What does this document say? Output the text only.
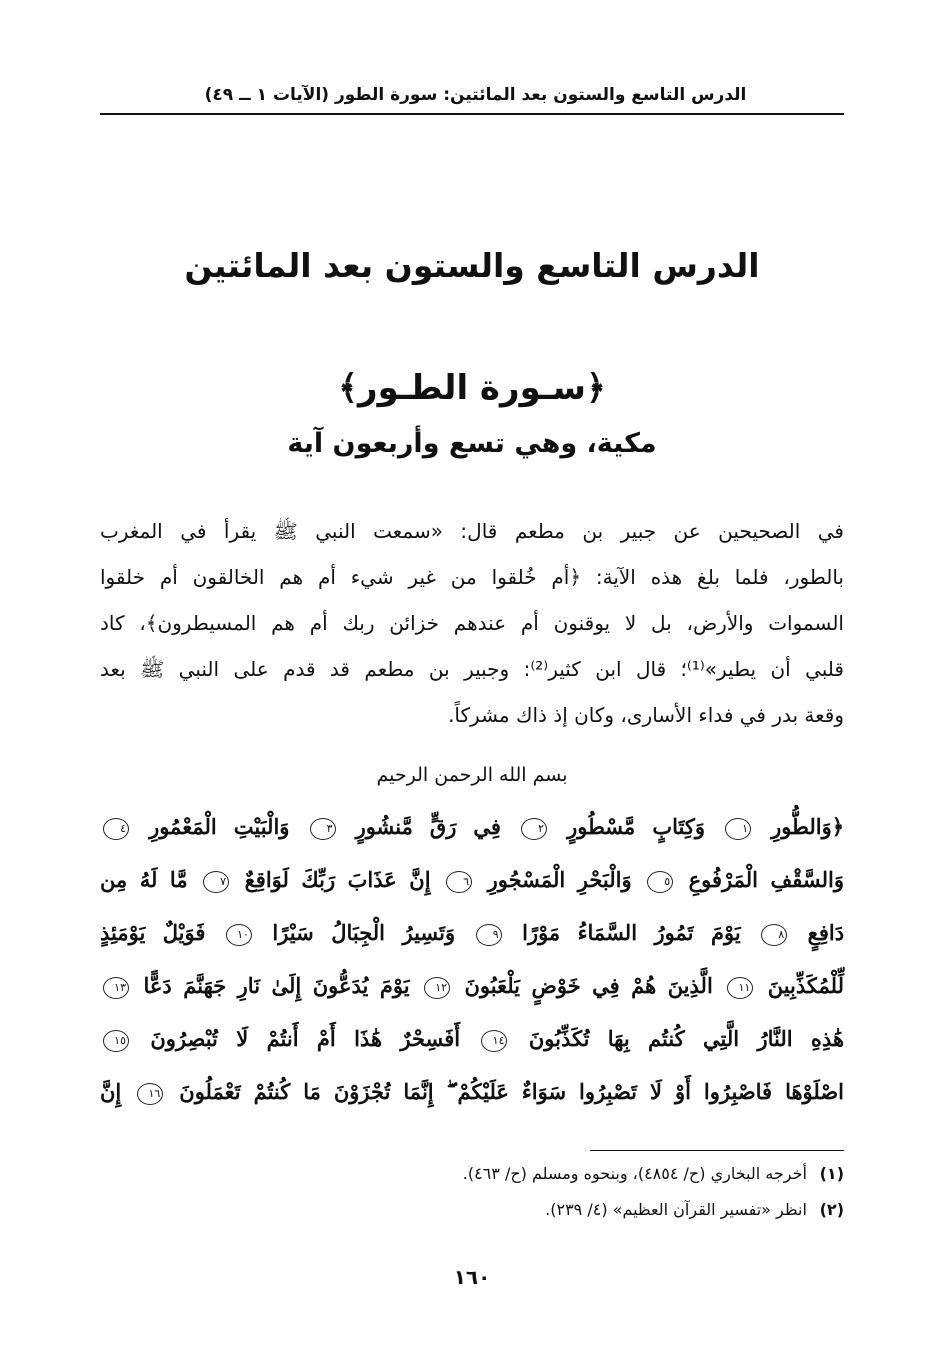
الدرس التاسع والستون بعد المائتين: سورة الطور (الآيات ١ ــ ٤٩)
الدرس التاسع والستون بعد المائتين
﴿سـورة الطـور﴾
مكية، وهي تسع وأربعون آية
في الصحيحين عن جبير بن مطعم قال: «سمعت النبي ﷺ يقرأ في المغرب
بالطور، فلما بلغ هذه الآية: ﴿أم خُلقوا من غير شيء أم هم الخالقون أم خلقوا
السموات والأرض، بل لا يوقنون أم عندهم خزائن ربك أم هم المسيطرون﴾، كاد
قلبي أن يطير»⁽¹⁾؛ قال ابن كثير⁽²⁾: وجبير بن مطعم قد قدم على النبي ﷺ بعد
وقعة بدر في فداء الأسارى، وكان إذ ذاك مشركاً.
بسم الله الرحمن الرحيم
﴿وَالطُّورِ ١ وَكِتَابٍ مَّسْطُورٍ ٢ فِي رَقٍّ مَّنشُورٍ ٣ وَالْبَيْتِ الْمَعْمُورِ ٤
وَالسَّقْفِ الْمَرْفُوعِ ٥ وَالْبَحْرِ الْمَسْجُورِ ٦ إِنَّ عَذَابَ رَبِّكَ لَوَاقِعٌ ٧ مَّا لَهُ مِن
دَافِعٍ ٨ يَوْمَ تَمُورُ السَّمَاءُ مَوْرًا ٩ وَتَسِيرُ الْجِبَالُ سَيْرًا ١٠ فَوَيْلٌ يَوْمَئِذٍ
لِّلْمُكَذِّبِينَ ١١ الَّذِينَ هُمْ فِي خَوْضٍ يَلْعَبُونَ ١٢ يَوْمَ يُدَعُّونَ إِلَىٰ نَارِ جَهَنَّمَ دَعًّا ١٣
هَٰذِهِ النَّارُ الَّتِي كُنتُم بِهَا تُكَذِّبُونَ ١٤ أَفَسِحْرٌ هَٰذَا أَمْ أَنتُمْ لَا تُبْصِرُونَ ١٥
اصْلَوْهَا فَاصْبِرُوا أَوْ لَا تَصْبِرُوا سَوَاءٌ عَلَيْكُمْ ۖ إِنَّمَا تُجْزَوْنَ مَا كُنتُمْ تَعْمَلُونَ ١٦ إِنَّ
(١) أخرجه البخاري (ح/ ٤٨٥٤)، وبنحوه ومسلم (ح/ ٤٦٣).
(٢) انظر «تفسير القرآن العظيم» (٤/ ٢٣٩).
١٦٠
